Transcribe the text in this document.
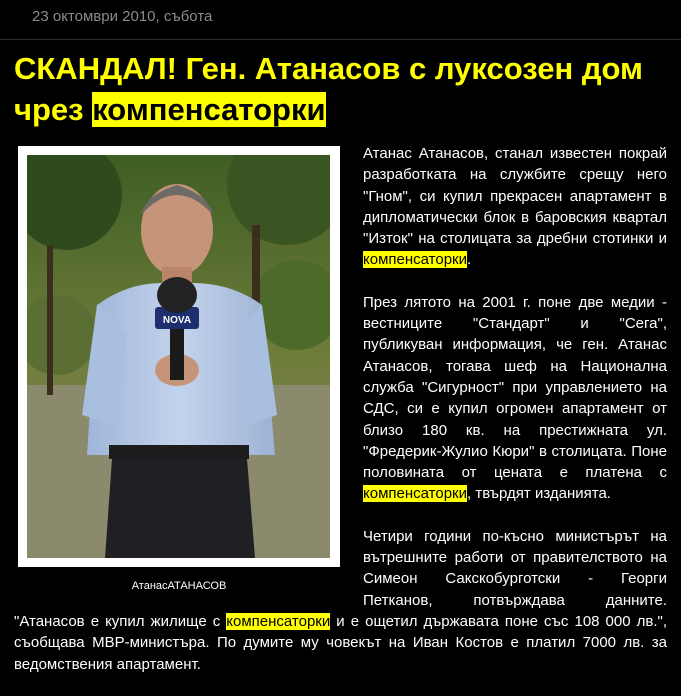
23 октомври 2010, събота
СКАНДАЛ! Ген. Атанасов с луксозен дом чрез компенсаторки
NOVA
АтанасАТАНАСОВ

Атанас Атанасов, станал известен покрай разработката на службите срещу него "Гном", си купил прекрасен апартамент в дипломатически блок в баровския квартал "Изток" на столицата за дребни стотинки и компенсаторки.

През лятото на 2001 г. поне две медии - вестниците "Стандарт" и "Сега", публикуван информация, че ген. Атанас Атанасов, тогава шеф на Национална служба "Сигурност" при управлението на СДС, си е купил огромен апартамент от близо 180 кв. на престижната ул. "Фредерик-Жулио Кюри" в столицата. Поне половината от цената е платена с компенсаторки, твърдят изданията.

Четири години по-късно министърът на вътрешните работи от правителството на Симеон Сакскобурготски - Георги Петканов, потвърждава данните. "Атанасов е купил жилище с компенсаторки и е ощетил държавата поне със 108 000 лв.", съобщава МВР-министъра. По думите му човекът на Иван Костов е платил 7000 лв. за ведомствения апартамент.
